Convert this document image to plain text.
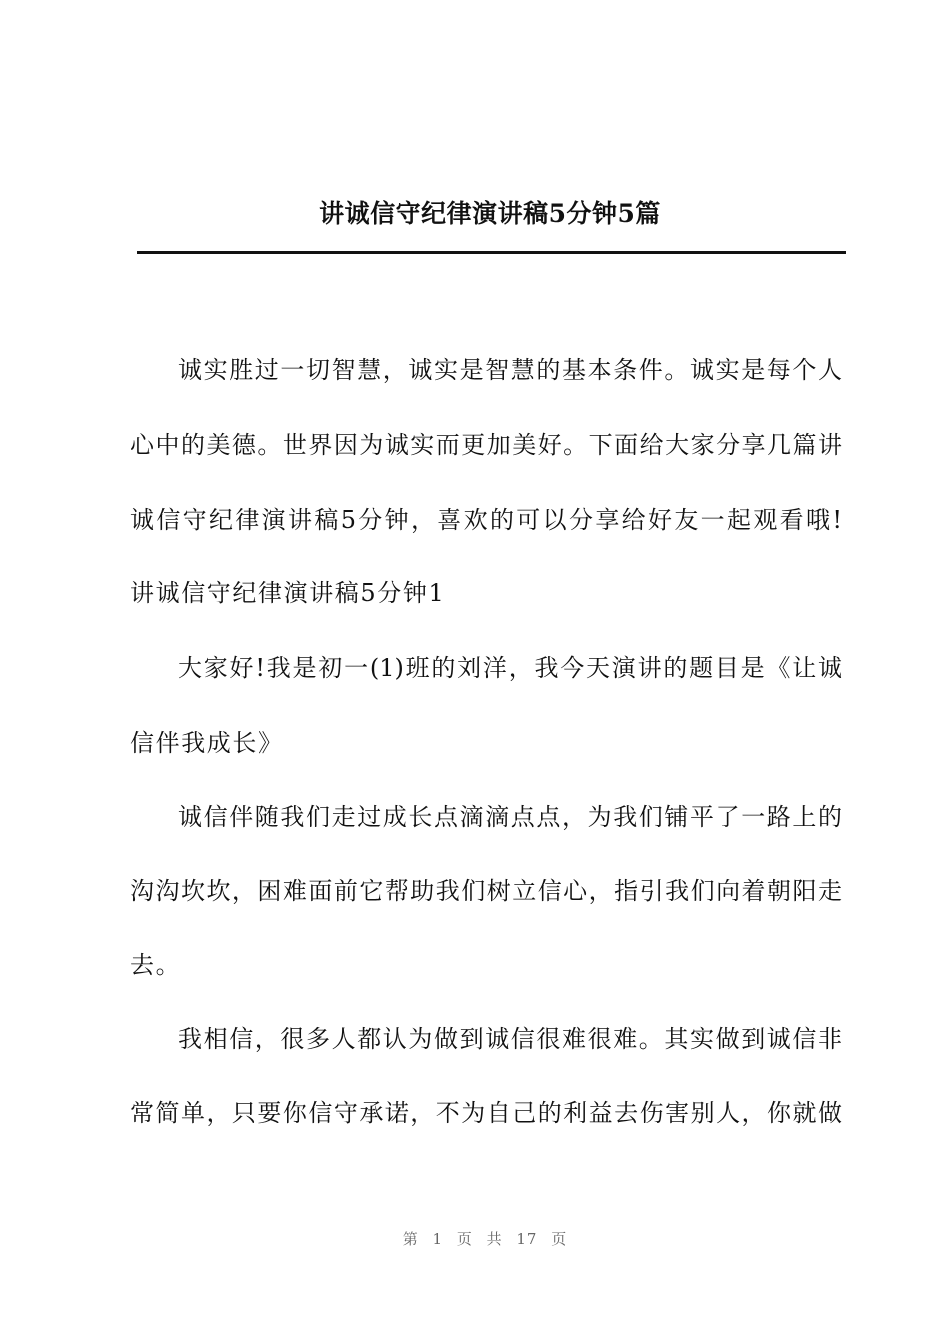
讲诚信守纪律演讲稿5分钟5篇
诚实胜过一切智慧，诚实是智慧的基本条件。诚实是每个人
心中的美德。世界因为诚实而更加美好。下面给大家分享几篇讲
诚信守纪律演讲稿5分钟，喜欢的可以分享给好友一起观看哦!
讲诚信守纪律演讲稿5分钟1
大家好!我是初一(1)班的刘洋，我今天演讲的题目是《让诚
信伴我成长》
诚信伴随我们走过成长点滴滴点点，为我们铺平了一路上的
沟沟坎坎，困难面前它帮助我们树立信心，指引我们向着朝阳走
去。
我相信，很多人都认为做到诚信很难很难。其实做到诚信非
常简单，只要你信守承诺，不为自己的利益去伤害别人，你就做
第 1 页 共 17 页
